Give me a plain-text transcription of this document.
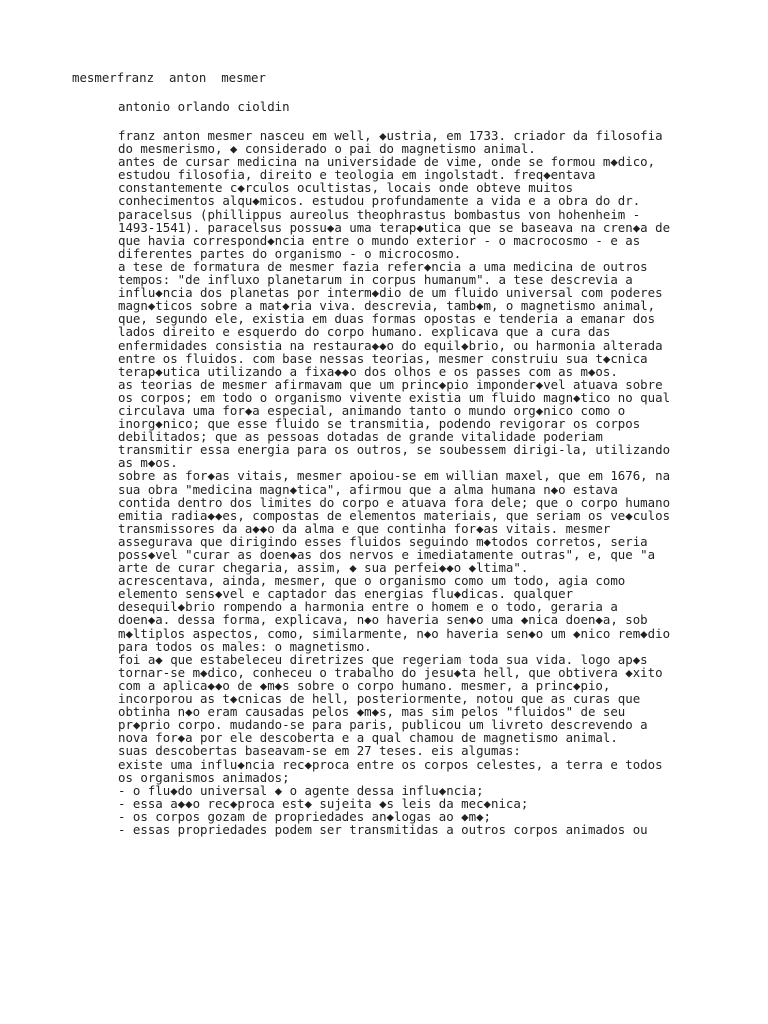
mesmerfranz  anton  mesmer
antonio orlando cioldin
franz anton mesmer nasceu em well, ◆ustria, em 1733. criador da filosofia
do mesmerismo, ◆ considerado o pai do magnetismo animal.
antes de cursar medicina na universidade de vime, onde se formou m◆dico,
estudou filosofia, direito e teologia em ingolstadt. freq◆entava
constantemente c◆rculos ocultistas, locais onde obteve muitos
conhecimentos alqu◆micos. estudou profundamente a vida e a obra do dr.
paracelsus (phillippus aureolus theophrastus bombastus von hohenheim -
1493-1541). paracelsus possu◆a uma terap◆utica que se baseava na cren◆a de
que havia correspond◆ncia entre o mundo exterior - o macrocosmo - e as
diferentes partes do organismo - o microcosmo.
a tese de formatura de mesmer fazia refer◆ncia a uma medicina de outros
tempos: "de influxo planetarum in corpus humanum". a tese descrevia a
influ◆ncia dos planetas por interm◆dio de um fluido universal com poderes
magn◆ticos sobre a mat◆ria viva. descrevia, tamb◆m, o magnetismo animal,
que, segundo ele, existia em duas formas opostas e tenderia a emanar dos
lados direito e esquerdo do corpo humano. explicava que a cura das
enfermidades consistia na restaura◆◆o do equil◆brio, ou harmonia alterada
entre os fluidos. com base nessas teorias, mesmer construiu sua t◆cnica
terap◆utica utilizando a fixa◆◆o dos olhos e os passes com as m◆os.
as teorias de mesmer afirmavam que um princ◆pio imponder◆vel atuava sobre
os corpos; em todo o organismo vivente existia um fluido magn◆tico no qual
circulava uma for◆a especial, animando tanto o mundo org◆nico como o
inorg◆nico; que esse fluido se transmitia, podendo revigorar os corpos
debilitados; que as pessoas dotadas de grande vitalidade poderiam
transmitir essa energia para os outros, se soubessem dirigi-la, utilizando
as m◆os.
sobre as for◆as vitais, mesmer apoiou-se em willian maxel, que em 1676, na
sua obra "medicina magn◆tica", afirmou que a alma humana n◆o estava
contida dentro dos limites do corpo e atuava fora dele; que o corpo humano
emitia radia◆◆es, compostas de elementos materiais, que seriam os ve◆culos
transmissores da a◆◆o da alma e que continha for◆as vitais. mesmer
assegurava que dirigindo esses fluidos seguindo m◆todos corretos, seria
poss◆vel "curar as doen◆as dos nervos e imediatamente outras", e, que "a
arte de curar chegaria, assim, ◆ sua perfei◆◆o ◆ltima".
acrescentava, ainda, mesmer, que o organismo como um todo, agia como
elemento sens◆vel e captador das energias flu◆dicas. qualquer
desequil◆brio rompendo a harmonia entre o homem e o todo, geraria a
doen◆a. dessa forma, explicava, n◆o haveria sen◆o uma ◆nica doen◆a, sob
m◆ltiplos aspectos, como, similarmente, n◆o haveria sen◆o um ◆nico rem◆dio
para todos os males: o magnetismo.
foi a◆ que estabeleceu diretrizes que regeriam toda sua vida. logo ap◆s
tornar-se m◆dico, conheceu o trabalho do jesu◆ta hell, que obtivera ◆xito
com a aplica◆◆o de ◆m◆s sobre o corpo humano. mesmer, a princ◆pio,
incorporou as t◆cnicas de hell, posteriormente, notou que as curas que
obtinha n◆o eram causadas pelos ◆m◆s, mas sim pelos "fluidos" de seu
pr◆prio corpo. mudando-se para paris, publicou um livreto descrevendo a
nova for◆a por ele descoberta e a qual chamou de magnetismo animal.
suas descobertas baseavam-se em 27 teses. eis algumas:
existe uma influ◆ncia rec◆proca entre os corpos celestes, a terra e todos
os organismos animados;
- o flu◆do universal ◆ o agente dessa influ◆ncia;
- essa a◆◆o rec◆proca est◆ sujeita ◆s leis da mec◆nica;
- os corpos gozam de propriedades an◆logas ao ◆m◆;
- essas propriedades podem ser transmitidas a outros corpos animados ou
